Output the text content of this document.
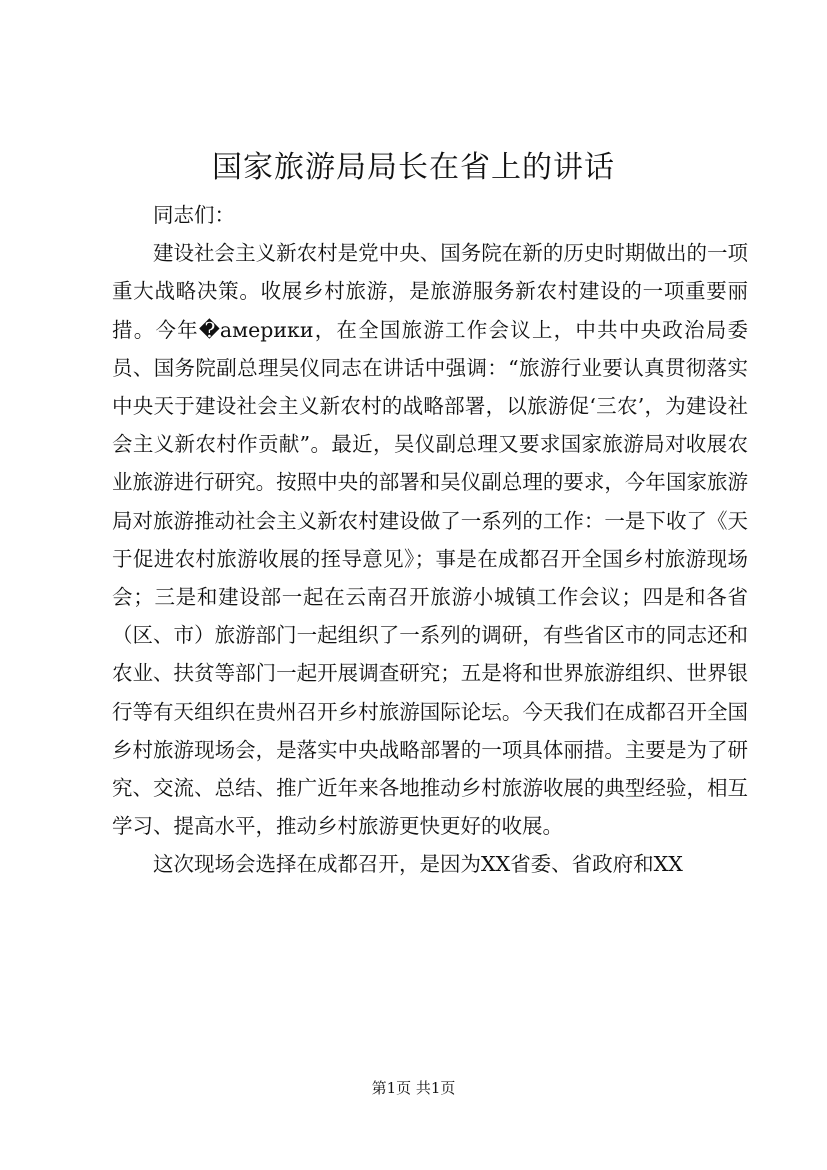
国家旅游局局长在省上的讲话

同志们：

建设社会主义新农村是党中央、国务院在新的历史时期做出的一项重大战略决策。收展乡村旅游，是旅游服务新农村建设的一项重要丽措。今年�америки，在全国旅游工作会议上，中共中央政治局委员、国务院副总理吴仪同志在讲话中强调：“旅游行业要认真贯彻落实中央天于建设社会主义新农村的战略部署，以旅游促‘三农’，为建设社会主义新农村作贡献”。最近，吴仪副总理又要求国家旅游局对收展农业旅游进行研究。按照中央的部署和吴仪副总理的要求，今年国家旅游局对旅游推动社会主义新农村建设做了一系列的工作：一是下收了《天于促进农村旅游收展的挃导意见》；事是在成都召开全国乡村旅游现场会；三是和建设部一起在云南召开旅游小城镇工作会议；四是和各省（区、市）旅游部门一起组织了一系列的调研，有些省区市的同志还和农业、扶贫等部门一起开展调查研究；五是将和世界旅游组织、世界银行等有天组织在贵州召开乡村旅游国际论坛。今天我们在成都召开全国乡村旅游现场会，是落实中央战略部署的一项具体丽措。主要是为了研究、交流、总结、推广近年来各地推动乡村旅游收展的典型经验，相互学习、提高水平，推动乡村旅游更快更好的收展。

这次现场会选择在成都召开，是因为XX省委、省政府和XX

第1页 共1页
